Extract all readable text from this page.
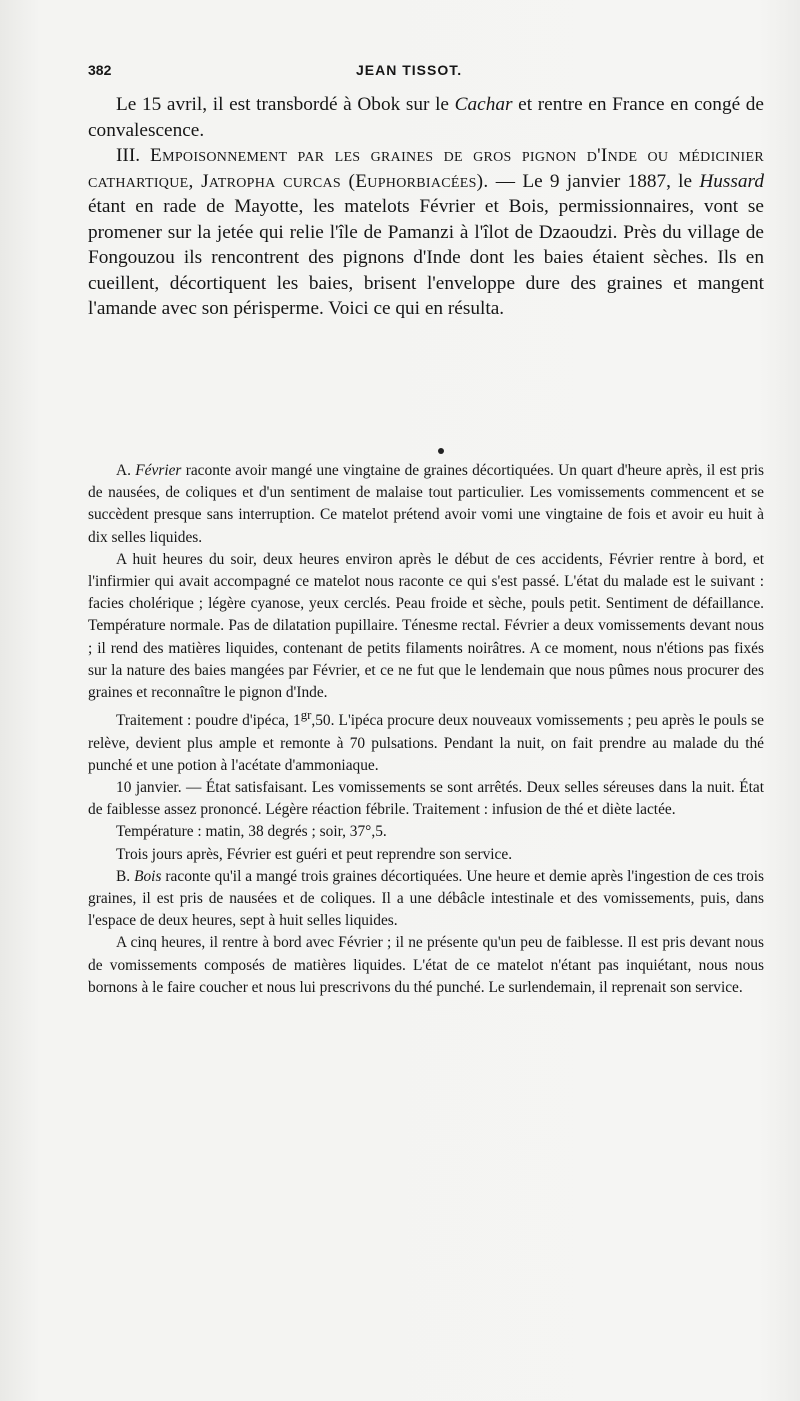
382	JEAN TISSOT.

Le 15 avril, il est transbordé à Obok sur le Cachar et rentre en France en congé de convalescence.

III. Empoisonnement par les graines de gros pignon d'Inde ou médicinier cathartique, Jatropha curcas (Euphorbiacées). — Le 9 janvier 1887, le Hussard étant en rade de Mayotte, les matelots Février et Bois, permissionnaires, vont se promener sur la jetée qui relie l'île de Pamanzi à l'îlot de Dzaoudzi. Près du village de Fongouzou ils rencontrent des pignons d'Inde dont les baies étaient sèches. Ils en cueillent, décortiquent les baies, brisent l'enveloppe dure des graines et mangent l'amande avec son périsperme. Voici ce qui en résulta.

A. Février raconte avoir mangé une vingtaine de graines décortiquées. Un quart d'heure après, il est pris de nausées, de coliques et d'un sentiment de malaise tout particulier. Les vomissements commencent et se succèdent presque sans interruption. Ce matelot prétend avoir vomi une vingtaine de fois et avoir eu huit à dix selles liquides.

A huit heures du soir, deux heures environ après le début de ces accidents, Février rentre à bord, et l'infirmier qui avait accompagné ce matelot nous raconte ce qui s'est passé. L'état du malade est le suivant : facies cholérique ; légère cyanose, yeux cerclés. Peau froide et sèche, pouls petit. Sentiment de défaillance. Température normale. Pas de dilatation pupillaire. Ténesme rectal. Février a deux vomissements devant nous ; il rend des matières liquides, contenant de petits filaments noirâtres. A ce moment, nous n'étions pas fixés sur la nature des baies mangées par Février, et ce ne fut que le lendemain que nous pûmes nous procurer des graines et reconnaître le pignon d'Inde.

Traitement : poudre d'ipéca, $1^{gr},50$. L'ipéca procure deux nouveaux vomissements ; peu après le pouls se relève, devient plus ample et remonte à 70 pulsations. Pendant la nuit, on fait prendre au malade du thé punché et une potion à l'acétate d'ammoniaque.

10 janvier. — État satisfaisant. Les vomissements se sont arrêtés. Deux selles séreuses dans la nuit. État de faiblesse assez prononcé. Légère réaction fébrile. Traitement : infusion de thé et diète lactée.

Température : matin, 38 degrés ; soir, 37°,5.

Trois jours après, Février est guéri et peut reprendre son service.

B. Bois raconte qu'il a mangé trois graines décortiquées. Une heure et demie après l'ingestion de ces trois graines, il est pris de nausées et de coliques. Il a une débâcle intestinale et des vomissements, puis, dans l'espace de deux heures, sept à huit selles liquides.

A cinq heures, il rentre à bord avec Février ; il ne présente qu'un peu de faiblesse. Il est pris devant nous de vomissements composés de matières liquides. L'état de ce matelot n'étant pas inquiétant, nous nous bornons à le faire coucher et nous lui prescrivons du thé punché. Le surlendemain, il reprenait son service.
